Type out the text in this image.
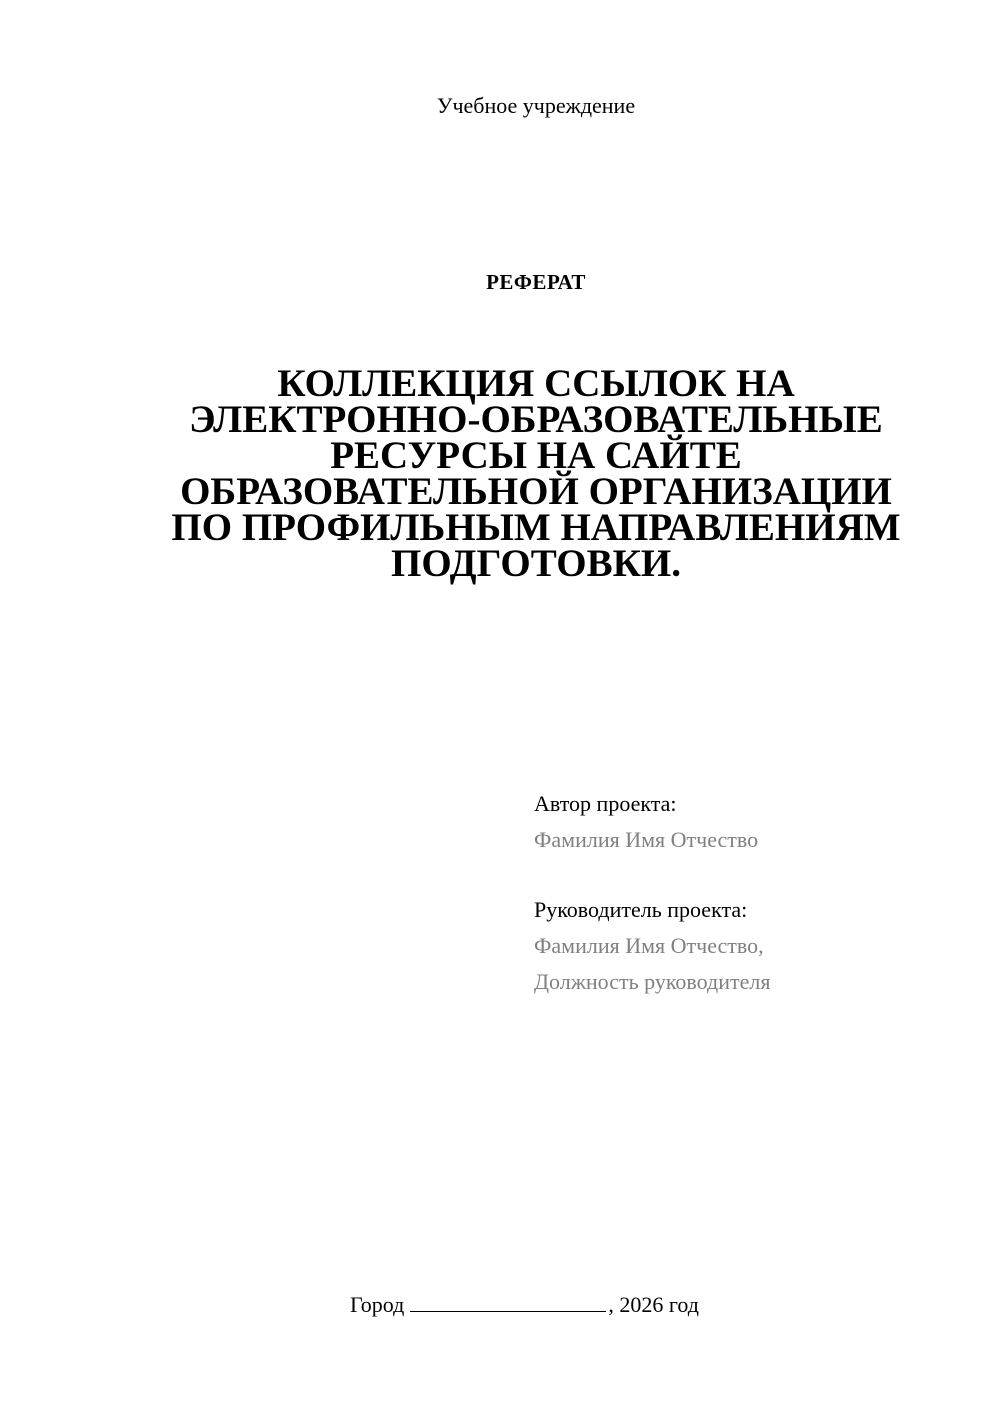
Учебное учреждение
РЕФЕРАТ
КОЛЛЕКЦИЯ ССЫЛОК НА
ЭЛЕКТРОННО-ОБРАЗОВАТЕЛЬНЫЕ
РЕСУРСЫ НА САЙТЕ
ОБРАЗОВАТЕЛЬНОЙ ОРГАНИЗАЦИИ
ПО ПРОФИЛЬНЫМ НАПРАВЛЕНИЯМ
ПОДГОТОВКИ.
Автор проекта:
Фамилия Имя Отчество
Руководитель проекта:
Фамилия Имя Отчество,
Должность руководителя
Город	, 2026 год
